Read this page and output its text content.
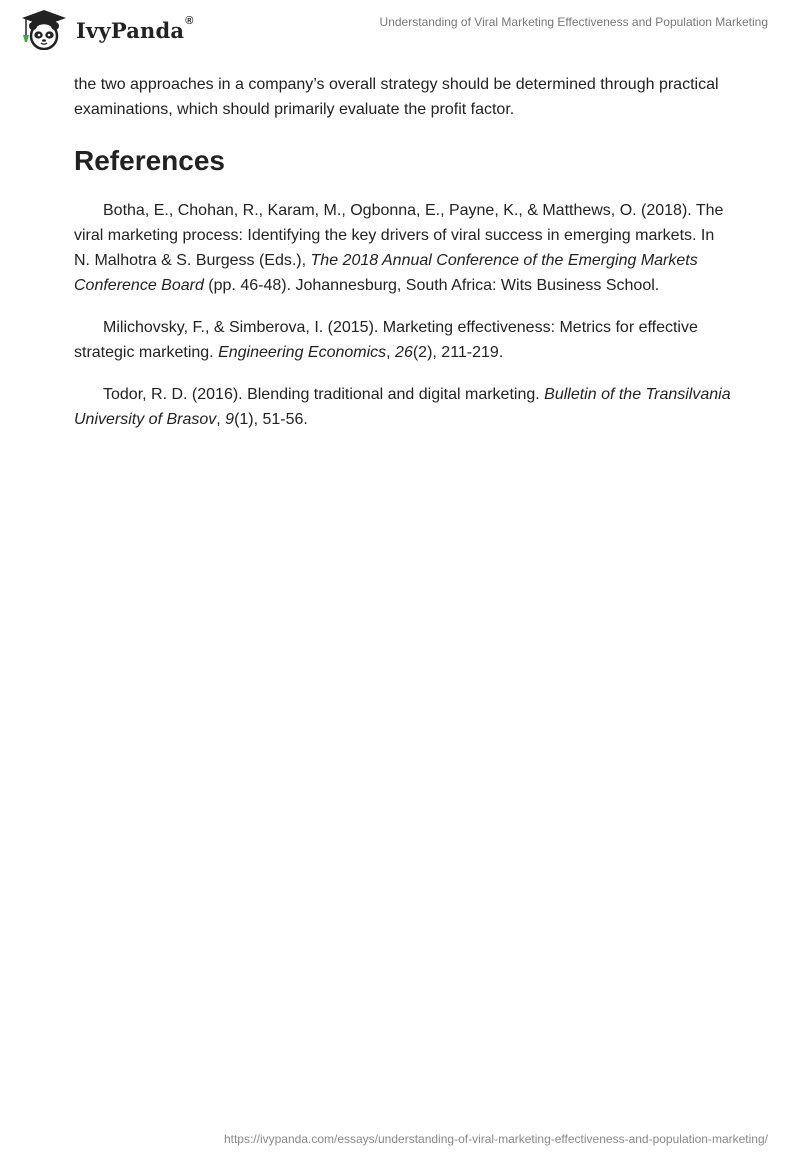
IvyPanda®	Understanding of Viral Marketing Effectiveness and Population Marketing

the two approaches in a company’s overall strategy should be determined through practical examinations, which should primarily evaluate the profit factor.

References

Botha, E., Chohan, R., Karam, M., Ogbonna, E., Payne, K., & Matthews, O. (2018). The viral marketing process: Identifying the key drivers of viral success in emerging markets. In N. Malhotra & S. Burgess (Eds.), The 2018 Annual Conference of the Emerging Markets Conference Board (pp. 46-48). Johannesburg, South Africa: Wits Business School.

Milichovsky, F., & Simberova, I. (2015). Marketing effectiveness: Metrics for effective strategic marketing. Engineering Economics, 26(2), 211-219.

Todor, R. D. (2016). Blending traditional and digital marketing. Bulletin of the Transilvania University of Brasov, 9(1), 51-56.

https://ivypanda.com/essays/understanding-of-viral-marketing-effectiveness-and-population-marketing/
